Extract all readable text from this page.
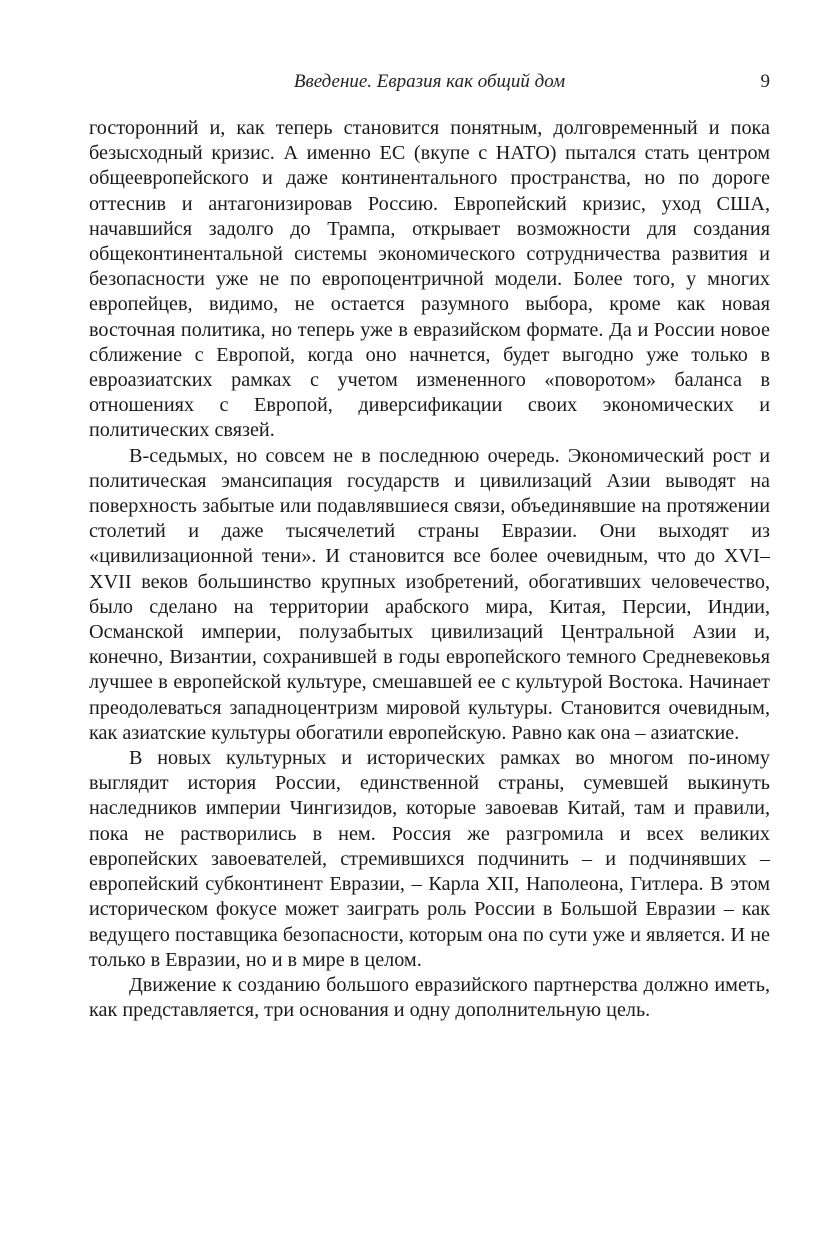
Введение. Евразия как общий дом	9

госторонний и, как теперь становится понятным, долговременный и пока безысходный кризис. А именно ЕС (вкупе с НАТО) пытался стать центром общеевропейского и даже континентального пространства, но по дороге оттеснив и антагонизировав Россию. Европейский кризис, уход США, начавшийся задолго до Трампа, открывает возможности для создания общеконтинентальной системы экономического сотрудничества развития и безопасности уже не по европоцентричной модели. Более того, у многих европейцев, видимо, не остается разумного выбора, кроме как новая восточная политика, но теперь уже в евразийском формате. Да и России новое сближение с Европой, когда оно начнется, будет выгодно уже только в евроазиатских рамках с учетом измененного «поворотом» баланса в отношениях с Европой, диверсификации своих экономических и политических связей.

В-седьмых, но совсем не в последнюю очередь. Экономический рост и политическая эмансипация государств и цивилизаций Азии выводят на поверхность забытые или подавлявшиеся связи, объединявшие на протяжении столетий и даже тысячелетий страны Евразии. Они выходят из «цивилизационной тени». И становится все более очевидным, что до XVI–XVII веков большинство крупных изобретений, обогативших человечество, было сделано на территории арабского мира, Китая, Персии, Индии, Османской империи, полузабытых цивилизаций Центральной Азии и, конечно, Византии, сохранившей в годы европейского темного Средневековья лучшее в европейской культуре, смешавшей ее с культурой Востока. Начинает преодолеваться западноцентризм мировой культуры. Становится очевидным, как азиатские культуры обогатили европейскую. Равно как она – азиатские.

В новых культурных и исторических рамках во многом по-иному выглядит история России, единственной страны, сумевшей выкинуть наследников империи Чингизидов, которые завоевав Китай, там и правили, пока не растворились в нем. Россия же разгромила и всех великих европейских завоевателей, стремившихся подчинить – и подчинявших – европейский субконтинент Евразии, – Карла XII, Наполеона, Гитлера. В этом историческом фокусе может заиграть роль России в Большой Евразии – как ведущего поставщика безопасности, которым она по сути уже и является. И не только в Евразии, но и в мире в целом.

Движение к созданию большого евразийского партнерства должно иметь, как представляется, три основания и одну дополнительную цель.
